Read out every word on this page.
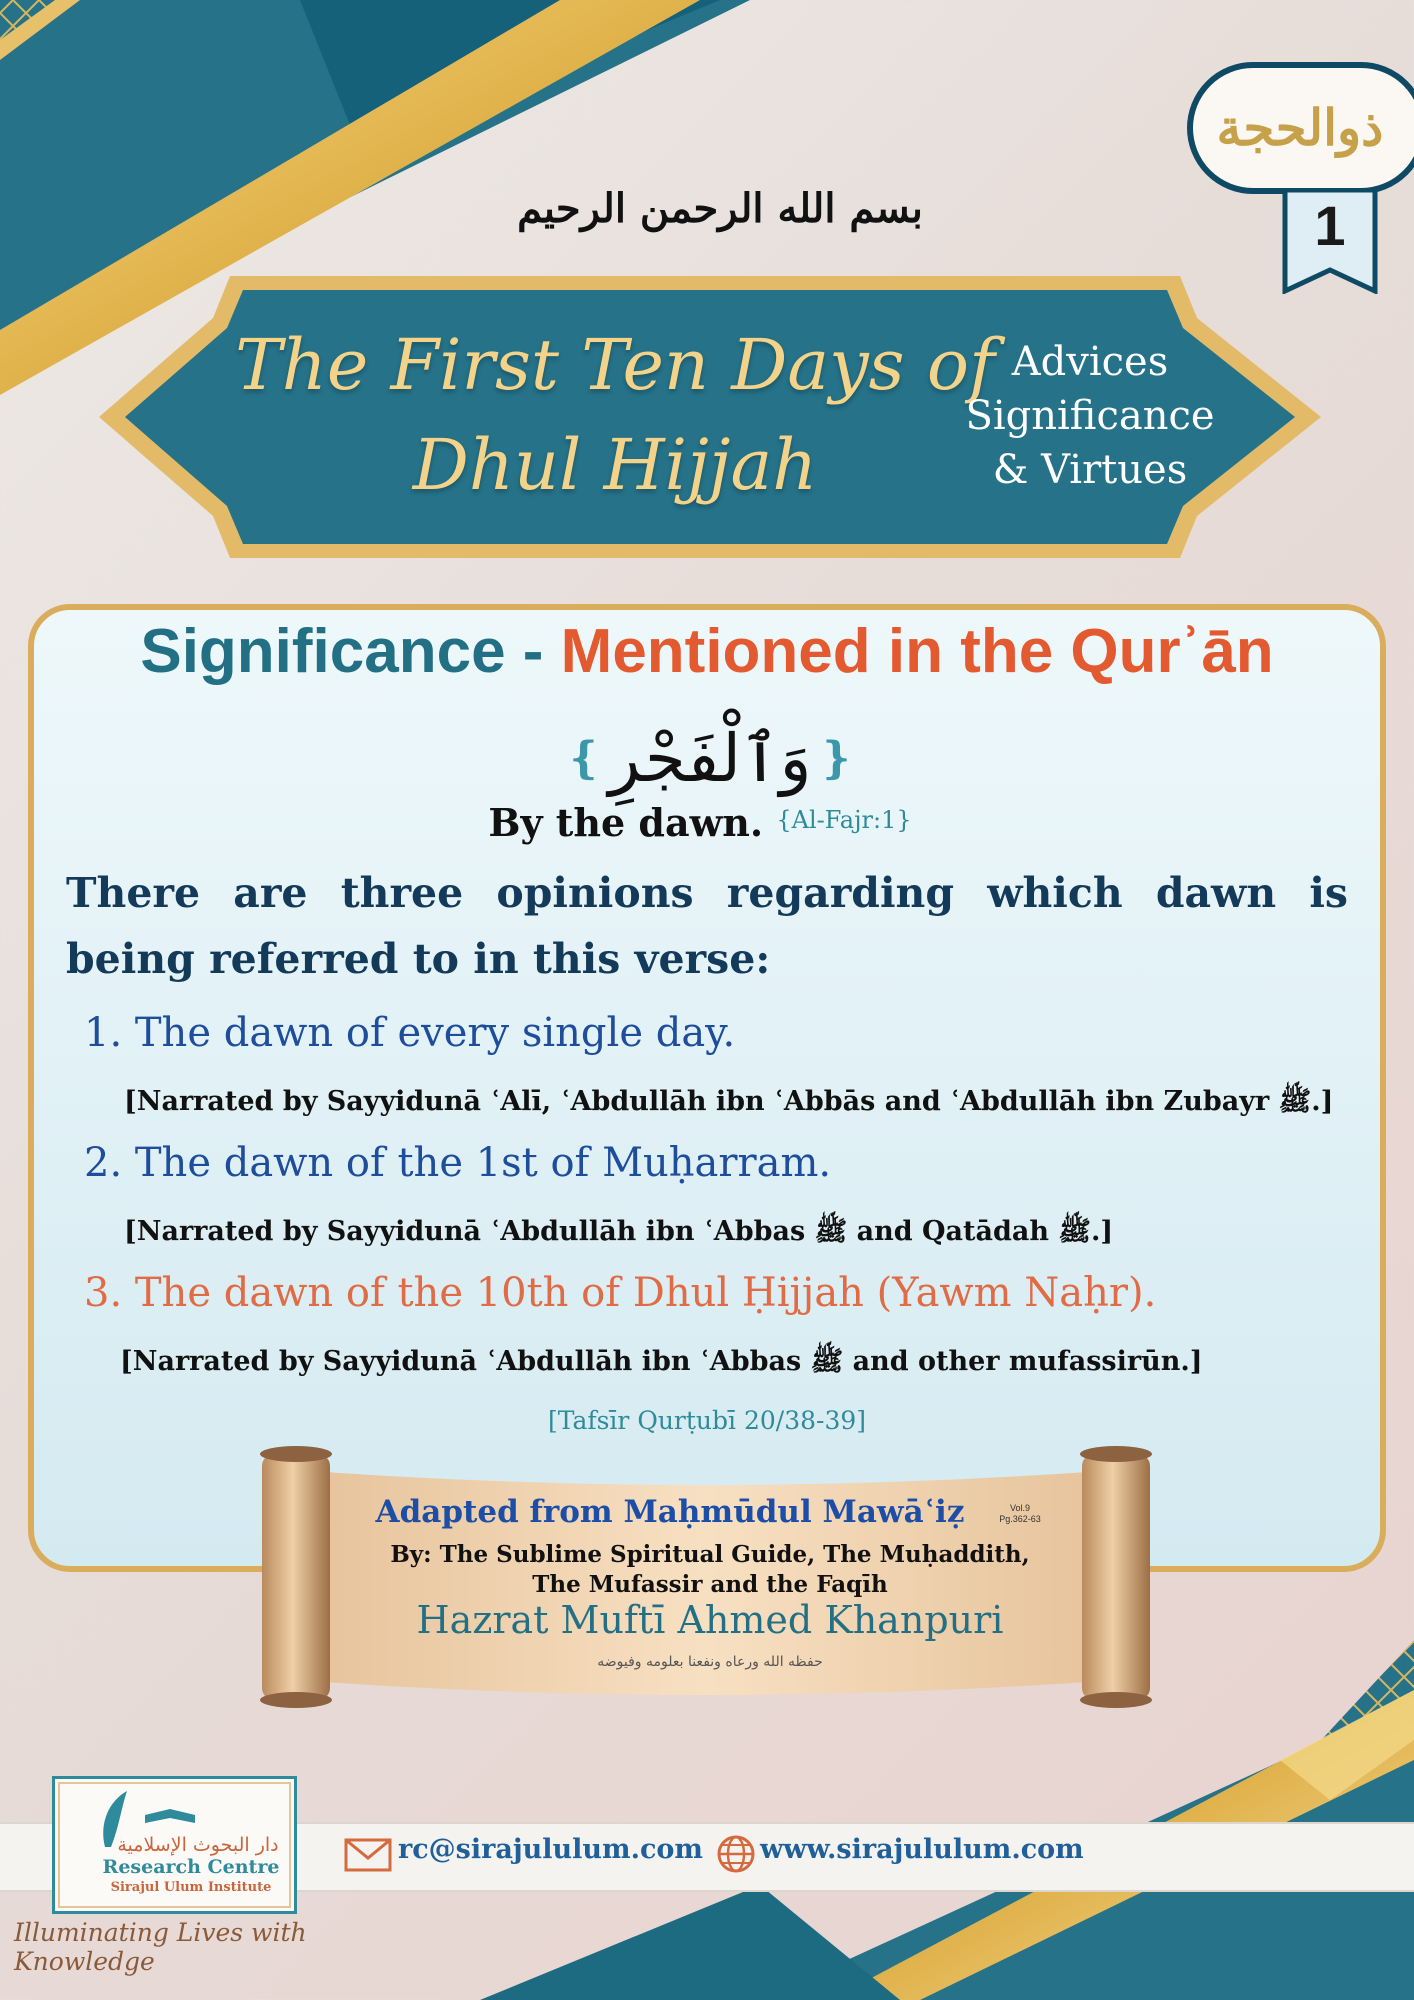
ذوالحجة
1
بسم الله الرحمن الرحيم
The First Ten Days of
Dhul Hijjah
Advices
Significance
& Virtues
Significance - Mentioned in the Qurʾān
❴ وَٱلْفَجْرِ ❵
By the dawn. $^{\{Al-Fajr:1\}}$
There are three opinions regarding which dawn is being referred to in this verse:
1. The dawn of every single day.
[Narrated by Sayyidunā ʿAlī, ʿAbdullāh ibn ʿAbbās and ʿAbdullāh ibn Zubayr ﷺ.]
2. The dawn of the 1st of Muḥarram.
[Narrated by Sayyidunā ʿAbdullāh ibn ʿAbbas ﷺ and Qatādah ﷺ.]
3. The dawn of the 10th of Dhul Ḥijjah (Yawm Naḥr).
[Narrated by Sayyidunā ʿAbdullāh ibn ʿAbbas ﷺ and other mufassirūn.]
[Tafsīr Qurṭubī 20/38-39]
Adapted from Maḥmūdul Mawāʿiẓ	Vol.9
Pg.362-63
By: The Sublime Spiritual Guide, The Muḥaddith,
The Mufassir and the Faqīh
Hazrat Muftī Ahmed Khanpuri
حفظه الله ورعاه ونفعنا بعلومه وفيوضه
دار البحوث الإسلامية
Research Centre
Sirajul Ulum Institute
Illuminating Lives with Knowledge
rc@sirajululum.com www.sirajululum.com
